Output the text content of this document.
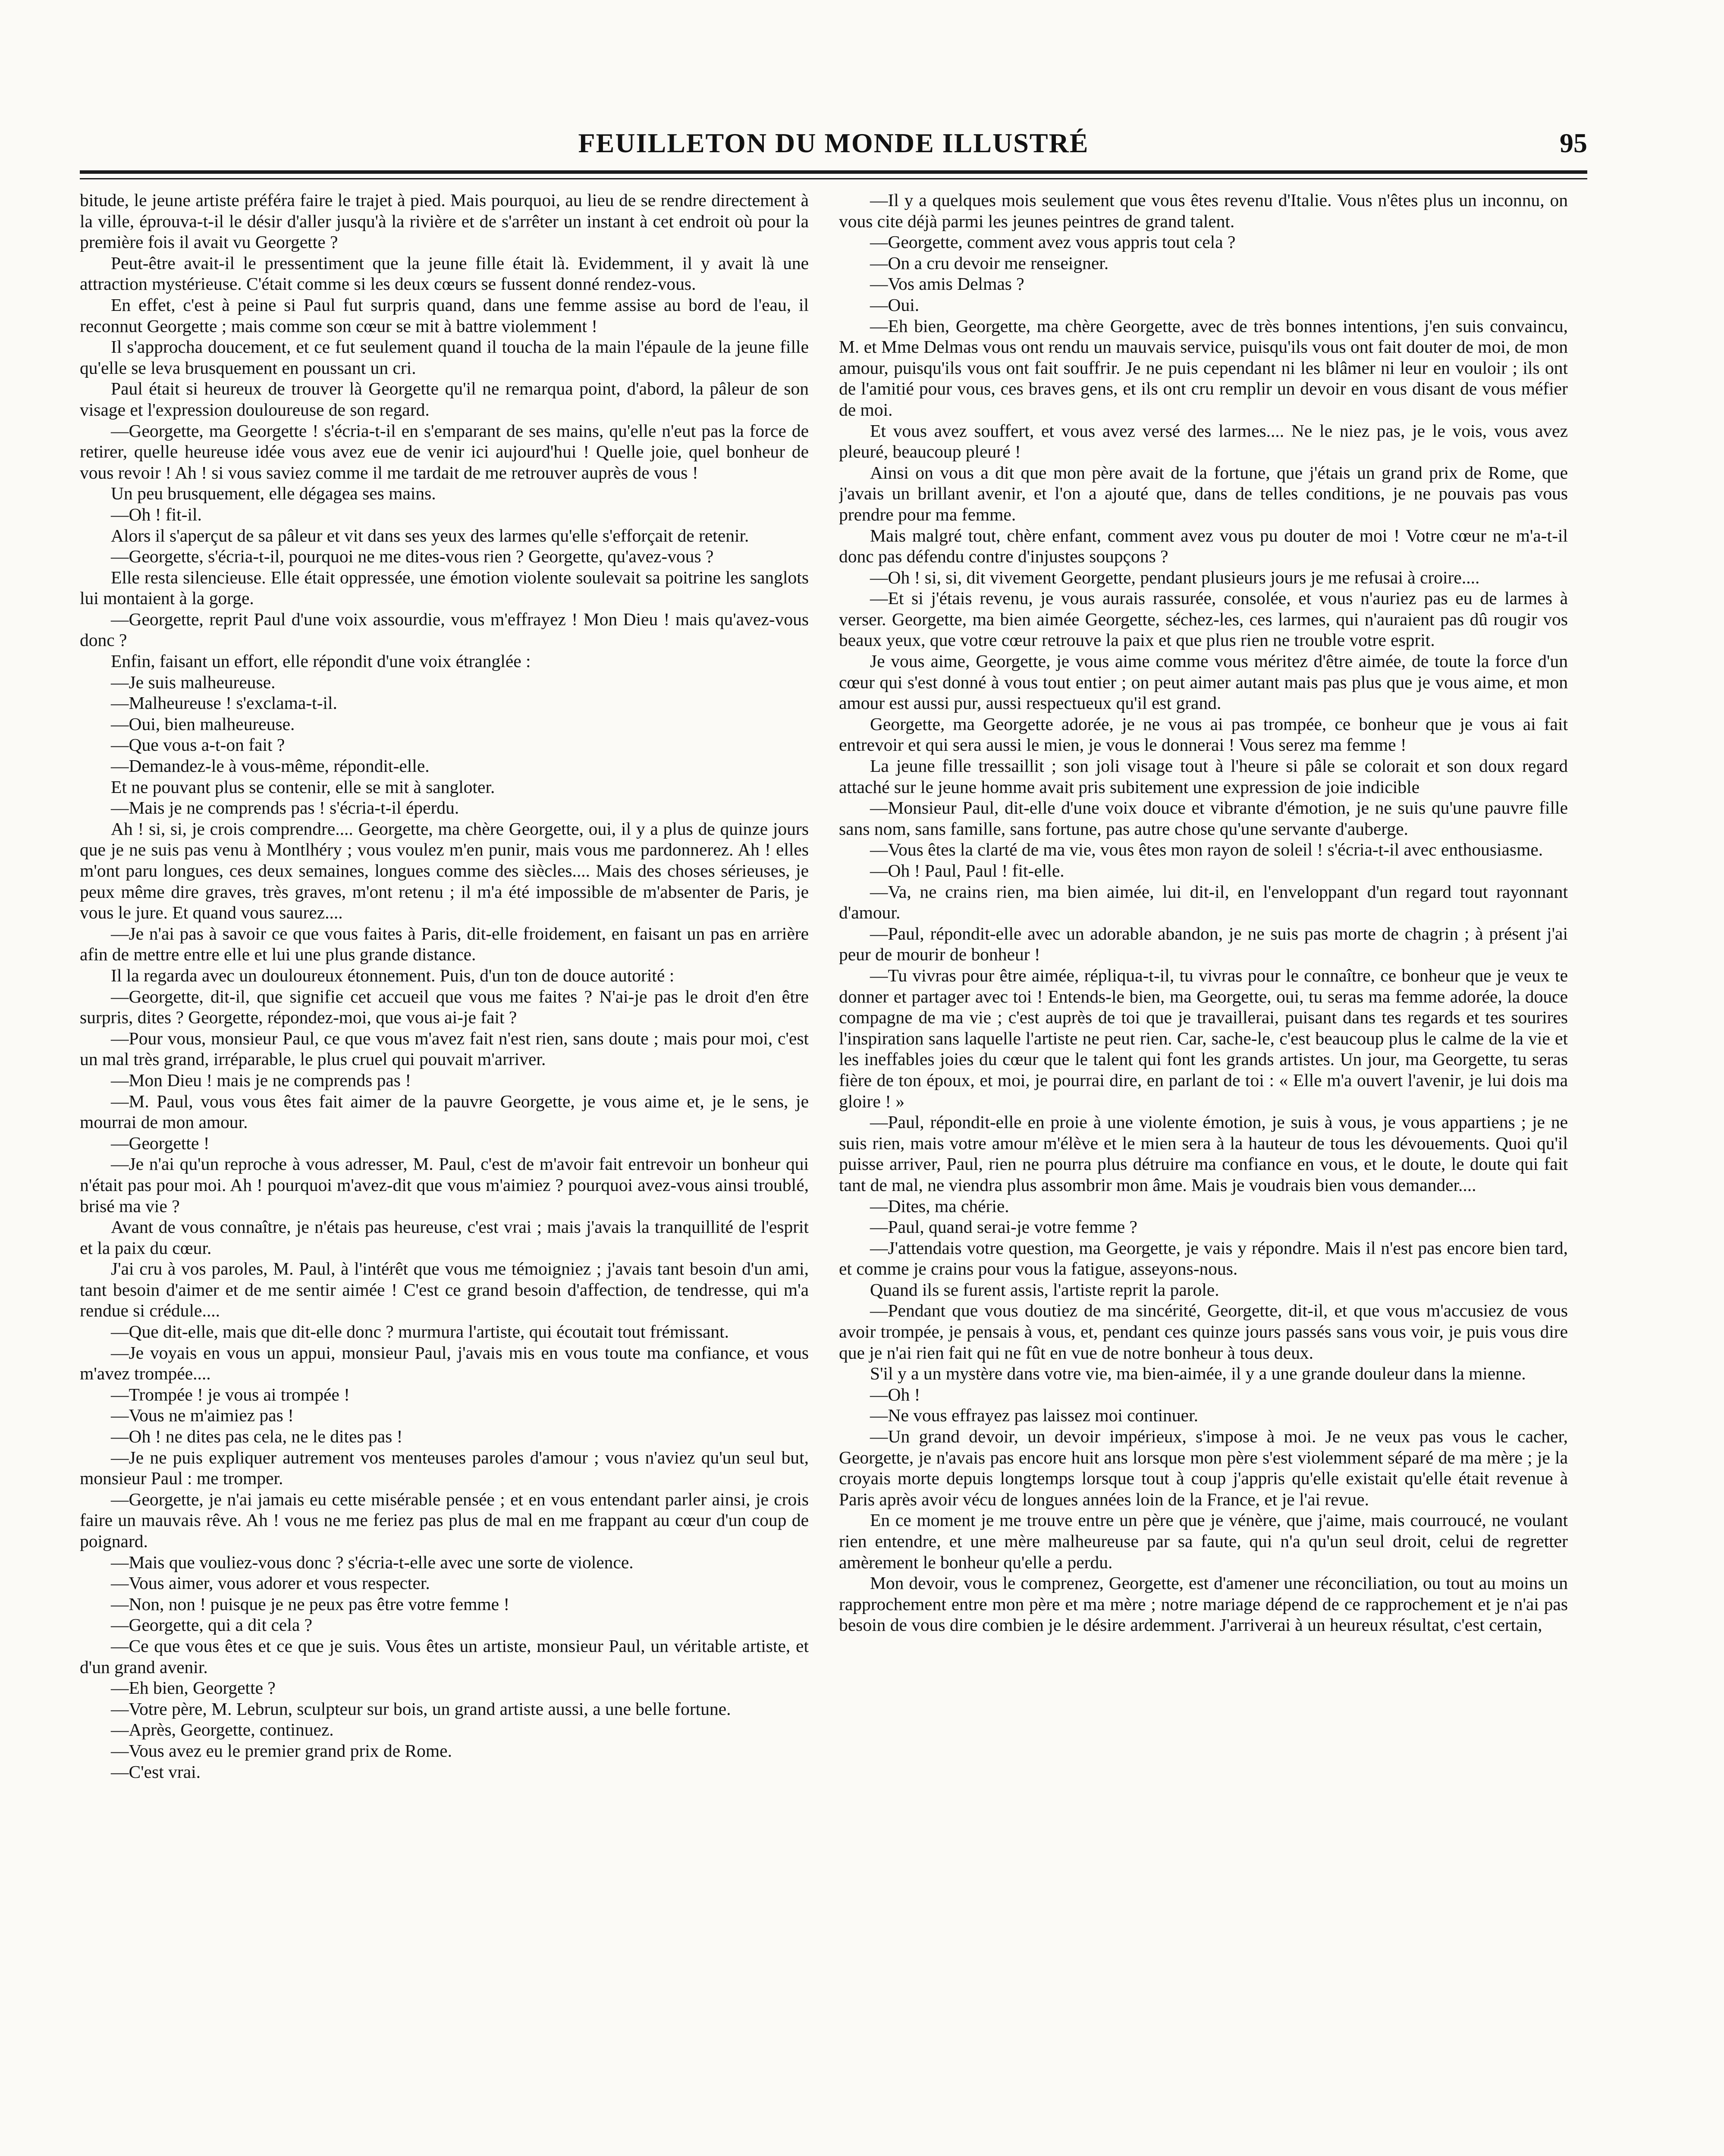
FEUILLETON DU MONDE ILLUSTRÉ	95

bitude, le jeune artiste préféra faire le trajet à pied. Mais pourquoi, au lieu de se rendre directement à la ville, éprouva-t-il le désir d'aller jusqu'à la rivière et de s'arrêter un instant à cet endroit où pour la première fois il avait vu Georgette ?

Peut-être avait-il le pressentiment que la jeune fille était là. Evidemment, il y avait là une attraction mystérieuse. C'était comme si les deux cœurs se fussent donné rendez-vous.

En effet, c'est à peine si Paul fut surpris quand, dans une femme assise au bord de l'eau, il reconnut Georgette ; mais comme son cœur se mit à battre violemment !

Il s'approcha doucement, et ce fut seulement quand il toucha de la main l'épaule de la jeune fille qu'elle se leva brusquement en poussant un cri.

Paul était si heureux de trouver là Georgette qu'il ne remarqua point, d'abord, la pâleur de son visage et l'expression douloureuse de son regard.

—Georgette, ma Georgette ! s'écria-t-il en s'emparant de ses mains, qu'elle n'eut pas la force de retirer, quelle heureuse idée vous avez eue de venir ici aujourd'hui ! Quelle joie, quel bonheur de vous revoir ! Ah ! si vous saviez comme il me tardait de me retrouver auprès de vous !

Un peu brusquement, elle dégagea ses mains.

—Oh ! fit-il.

Alors il s'aperçut de sa pâleur et vit dans ses yeux des larmes qu'elle s'efforçait de retenir.

—Georgette, s'écria-t-il, pourquoi ne me dites-vous rien ? Georgette, qu'avez-vous ?

Elle resta silencieuse. Elle était oppressée, une émotion violente soulevait sa poitrine les sanglots lui montaient à la gorge.

—Georgette, reprit Paul d'une voix assourdie, vous m'effrayez ! Mon Dieu ! mais qu'avez-vous donc ?

Enfin, faisant un effort, elle répondit d'une voix étranglée :

—Je suis malheureuse.

—Malheureuse ! s'exclama-t-il.

—Oui, bien malheureuse.

—Que vous a-t-on fait ?

—Demandez-le à vous-même, répondit-elle.

Et ne pouvant plus se contenir, elle se mit à sangloter.

—Mais je ne comprends pas ! s'écria-t-il éperdu.

Ah ! si, si, je crois comprendre.... Georgette, ma chère Georgette, oui, il y a plus de quinze jours que je ne suis pas venu à Montlhéry ; vous voulez m'en punir, mais vous me pardonnerez. Ah ! elles m'ont paru longues, ces deux semaines, longues comme des siècles.... Mais des choses sérieuses, je peux même dire graves, très graves, m'ont retenu ; il m'a été impossible de m'absenter de Paris, je vous le jure. Et quand vous saurez....

—Je n'ai pas à savoir ce que vous faites à Paris, dit-elle froidement, en faisant un pas en arrière afin de mettre entre elle et lui une plus grande distance.

Il la regarda avec un douloureux étonnement. Puis, d'un ton de douce autorité :

—Georgette, dit-il, que signifie cet accueil que vous me faites ? N'ai-je pas le droit d'en être surpris, dites ? Georgette, répondez-moi, que vous ai-je fait ?

—Pour vous, monsieur Paul, ce que vous m'avez fait n'est rien, sans doute ; mais pour moi, c'est un mal très grand, irréparable, le plus cruel qui pouvait m'arriver.

—Mon Dieu ! mais je ne comprends pas !

—M. Paul, vous vous êtes fait aimer de la pauvre Georgette, je vous aime et, je le sens, je mourrai de mon amour.

—Georgette !

—Je n'ai qu'un reproche à vous adresser, M. Paul, c'est de m'avoir fait entrevoir un bonheur qui n'était pas pour moi. Ah ! pourquoi m'avez-dit que vous m'aimiez ? pourquoi avez-vous ainsi troublé, brisé ma vie ?

Avant de vous connaître, je n'étais pas heureuse, c'est vrai ; mais j'avais la tranquillité de l'esprit et la paix du cœur.

J'ai cru à vos paroles, M. Paul, à l'intérêt que vous me témoigniez ; j'avais tant besoin d'un ami, tant besoin d'aimer et de me sentir aimée ! C'est ce grand besoin d'affection, de tendresse, qui m'a rendue si crédule....

—Que dit-elle, mais que dit-elle donc ? murmura l'artiste, qui écoutait tout frémissant.

—Je voyais en vous un appui, monsieur Paul, j'avais mis en vous toute ma confiance, et vous m'avez trompée....

—Trompée ! je vous ai trompée !

—Vous ne m'aimiez pas !

—Oh ! ne dites pas cela, ne le dites pas !

—Je ne puis expliquer autrement vos menteuses paroles d'amour ; vous n'aviez qu'un seul but, monsieur Paul : me tromper.

—Georgette, je n'ai jamais eu cette misérable pensée ; et en vous entendant parler ainsi, je crois faire un mauvais rêve. Ah ! vous ne me feriez pas plus de mal en me frappant au cœur d'un coup de poignard.

—Mais que vouliez-vous donc ? s'écria-t-elle avec une sorte de violence.

—Vous aimer, vous adorer et vous respecter.

—Non, non ! puisque je ne peux pas être votre femme !

—Georgette, qui a dit cela ?

—Ce que vous êtes et ce que je suis. Vous êtes un artiste, monsieur Paul, un véritable artiste, et d'un grand avenir.

—Eh bien, Georgette ?

—Votre père, M. Lebrun, sculpteur sur bois, un grand artiste aussi, a une belle fortune.

—Après, Georgette, continuez.

—Vous avez eu le premier grand prix de Rome.

—C'est vrai.

—Il y a quelques mois seulement que vous êtes revenu d'Italie. Vous n'êtes plus un inconnu, on vous cite déjà parmi les jeunes peintres de grand talent.

—Georgette, comment avez vous appris tout cela ?

—On a cru devoir me renseigner.

—Vos amis Delmas ?

—Oui.

—Eh bien, Georgette, ma chère Georgette, avec de très bonnes intentions, j'en suis convaincu, M. et Mme Delmas vous ont rendu un mauvais service, puisqu'ils vous ont fait douter de moi, de mon amour, puisqu'ils vous ont fait souffrir. Je ne puis cependant ni les blâmer ni leur en vouloir ; ils ont de l'amitié pour vous, ces braves gens, et ils ont cru remplir un devoir en vous disant de vous méfier de moi.

Et vous avez souffert, et vous avez versé des larmes.... Ne le niez pas, je le vois, vous avez pleuré, beaucoup pleuré !

Ainsi on vous a dit que mon père avait de la fortune, que j'étais un grand prix de Rome, que j'avais un brillant avenir, et l'on a ajouté que, dans de telles conditions, je ne pouvais pas vous prendre pour ma femme.

Mais malgré tout, chère enfant, comment avez vous pu douter de moi ! Votre cœur ne m'a-t-il donc pas défendu contre d'injustes soupçons ?

—Oh ! si, si, dit vivement Georgette, pendant plusieurs jours je me refusai à croire....

—Et si j'étais revenu, je vous aurais rassurée, consolée, et vous n'auriez pas eu de larmes à verser. Georgette, ma bien aimée Georgette, séchez-les, ces larmes, qui n'auraient pas dû rougir vos beaux yeux, que votre cœur retrouve la paix et que plus rien ne trouble votre esprit.

Je vous aime, Georgette, je vous aime comme vous méritez d'être aimée, de toute la force d'un cœur qui s'est donné à vous tout entier ; on peut aimer autant mais pas plus que je vous aime, et mon amour est aussi pur, aussi respectueux qu'il est grand.

Georgette, ma Georgette adorée, je ne vous ai pas trompée, ce bonheur que je vous ai fait entrevoir et qui sera aussi le mien, je vous le donnerai ! Vous serez ma femme !

La jeune fille tressaillit ; son joli visage tout à l'heure si pâle se colorait et son doux regard attaché sur le jeune homme avait pris subitement une expression de joie indicible

—Monsieur Paul, dit-elle d'une voix douce et vibrante d'émotion, je ne suis qu'une pauvre fille sans nom, sans famille, sans fortune, pas autre chose qu'une servante d'auberge.

—Vous êtes la clarté de ma vie, vous êtes mon rayon de soleil ! s'écria-t-il avec enthousiasme.

—Oh ! Paul, Paul ! fit-elle.

—Va, ne crains rien, ma bien aimée, lui dit-il, en l'enveloppant d'un regard tout rayonnant d'amour.

—Paul, répondit-elle avec un adorable abandon, je ne suis pas morte de chagrin ; à présent j'ai peur de mourir de bonheur !

—Tu vivras pour être aimée, répliqua-t-il, tu vivras pour le connaître, ce bonheur que je veux te donner et partager avec toi ! Entends-le bien, ma Georgette, oui, tu seras ma femme adorée, la douce compagne de ma vie ; c'est auprès de toi que je travaillerai, puisant dans tes regards et tes sourires l'inspiration sans laquelle l'artiste ne peut rien. Car, sache-le, c'est beaucoup plus le calme de la vie et les ineffables joies du cœur que le talent qui font les grands artistes. Un jour, ma Georgette, tu seras fière de ton époux, et moi, je pourrai dire, en parlant de toi : « Elle m'a ouvert l'avenir, je lui dois ma gloire ! »

—Paul, répondit-elle en proie à une violente émotion, je suis à vous, je vous appartiens ; je ne suis rien, mais votre amour m'élève et le mien sera à la hauteur de tous les dévouements. Quoi qu'il puisse arriver, Paul, rien ne pourra plus détruire ma confiance en vous, et le doute, le doute qui fait tant de mal, ne viendra plus assombrir mon âme. Mais je voudrais bien vous demander....

—Dites, ma chérie.

—Paul, quand serai-je votre femme ?

—J'attendais votre question, ma Georgette, je vais y répondre. Mais il n'est pas encore bien tard, et comme je crains pour vous la fatigue, asseyons-nous.

Quand ils se furent assis, l'artiste reprit la parole.

—Pendant que vous doutiez de ma sincérité, Georgette, dit-il, et que vous m'accusiez de vous avoir trompée, je pensais à vous, et, pendant ces quinze jours passés sans vous voir, je puis vous dire que je n'ai rien fait qui ne fût en vue de notre bonheur à tous deux.

S'il y a un mystère dans votre vie, ma bien-aimée, il y a une grande douleur dans la mienne.

—Oh !

—Ne vous effrayez pas laissez moi continuer.

—Un grand devoir, un devoir impérieux, s'impose à moi. Je ne veux pas vous le cacher, Georgette, je n'avais pas encore huit ans lorsque mon père s'est violemment séparé de ma mère ; je la croyais morte depuis longtemps lorsque tout à coup j'appris qu'elle existait qu'elle était revenue à Paris après avoir vécu de longues années loin de la France, et je l'ai revue.

En ce moment je me trouve entre un père que je vénère, que j'aime, mais courroucé, ne voulant rien entendre, et une mère malheureuse par sa faute, qui n'a qu'un seul droit, celui de regretter amèrement le bonheur qu'elle a perdu.

Mon devoir, vous le comprenez, Georgette, est d'amener une réconciliation, ou tout au moins un rapprochement entre mon père et ma mère ; notre mariage dépend de ce rapprochement et je n'ai pas besoin de vous dire combien je le désire ardemment. J'arriverai à un heureux résultat, c'est certain,
